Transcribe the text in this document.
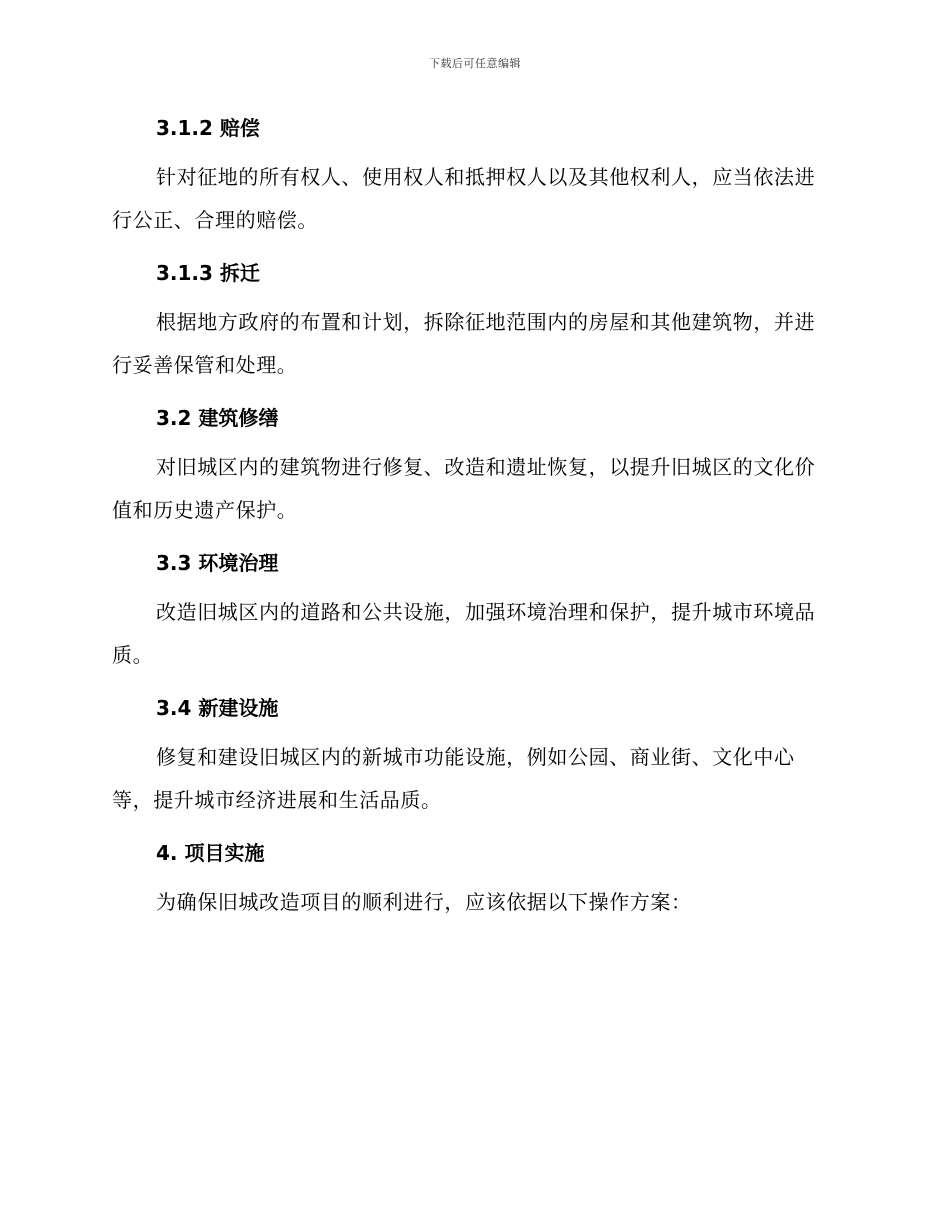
下载后可任意编辑
3.1.2 赔偿

针对征地的所有权人、使用权人和抵押权人以及其他权利人，应当依法进行公正、合理的赔偿。

3.1.3 拆迁

根据地方政府的布置和计划，拆除征地范围内的房屋和其他建筑物，并进行妥善保管和处理。

3.2 建筑修缮

对旧城区内的建筑物进行修复、改造和遗址恢复，以提升旧城区的文化价值和历史遗产保护。

3.3 环境治理

改造旧城区内的道路和公共设施，加强环境治理和保护，提升城市环境品质。

3.4 新建设施

修复和建设旧城区内的新城市功能设施，例如公园、商业街、文化中心等，提升城市经济进展和生活品质。

4. 项目实施

为确保旧城改造项目的顺利进行，应该依据以下操作方案：
